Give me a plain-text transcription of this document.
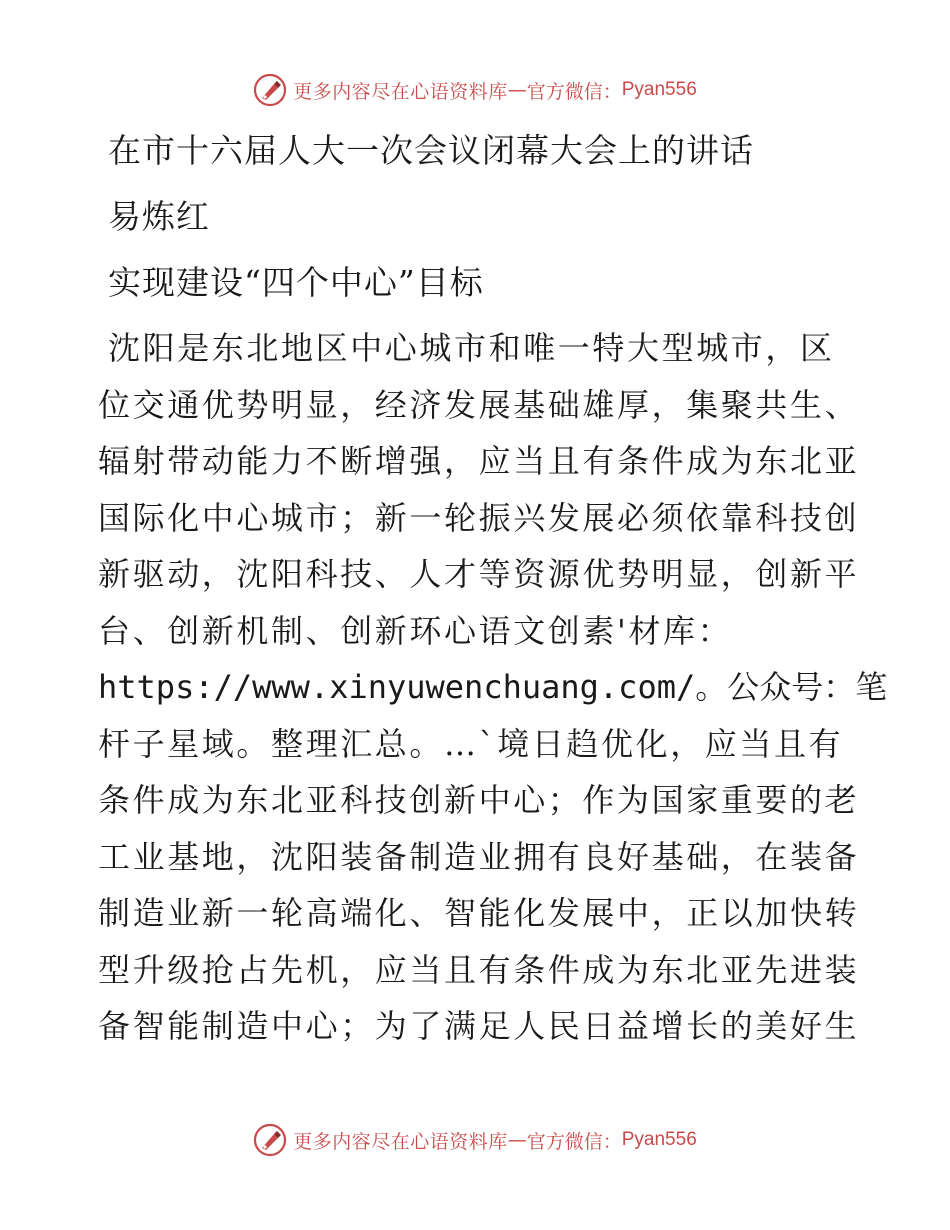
更多内容尽在心语资料库 — 官方微信： Pyan556
在市十六届人大一次会议闭幕大会上的讲话
易炼红
实现建设“四个中心”目标

沈阳是东北地区中心城市和唯一特大型城市，区

位交通优势明显，经济发展基础雄厚，集聚共生、

辐射带动能力不断增强，应当且有条件成为东北亚

国际化中心城市；新一轮振兴发展必须依靠科技创

新驱动，沈阳科技、人才等资源优势明显，创新平

台、创新机制、创新环心语文创素'材库：

https://www.xinyuwenchuang.com/。公众号：笔

杆子星域。整理汇总。…`境日趋优化，应当且有

条件成为东北亚科技创新中心；作为国家重要的老

工业基地，沈阳装备制造业拥有良好基础，在装备

制造业新一轮高端化、智能化发展中，正以加快转

型升级抢占先机，应当且有条件成为东北亚先进装

备智能制造中心；为了满足人民日益增长的美好生

更多内容尽在心语资料库 — 官方微信： Pyan556
